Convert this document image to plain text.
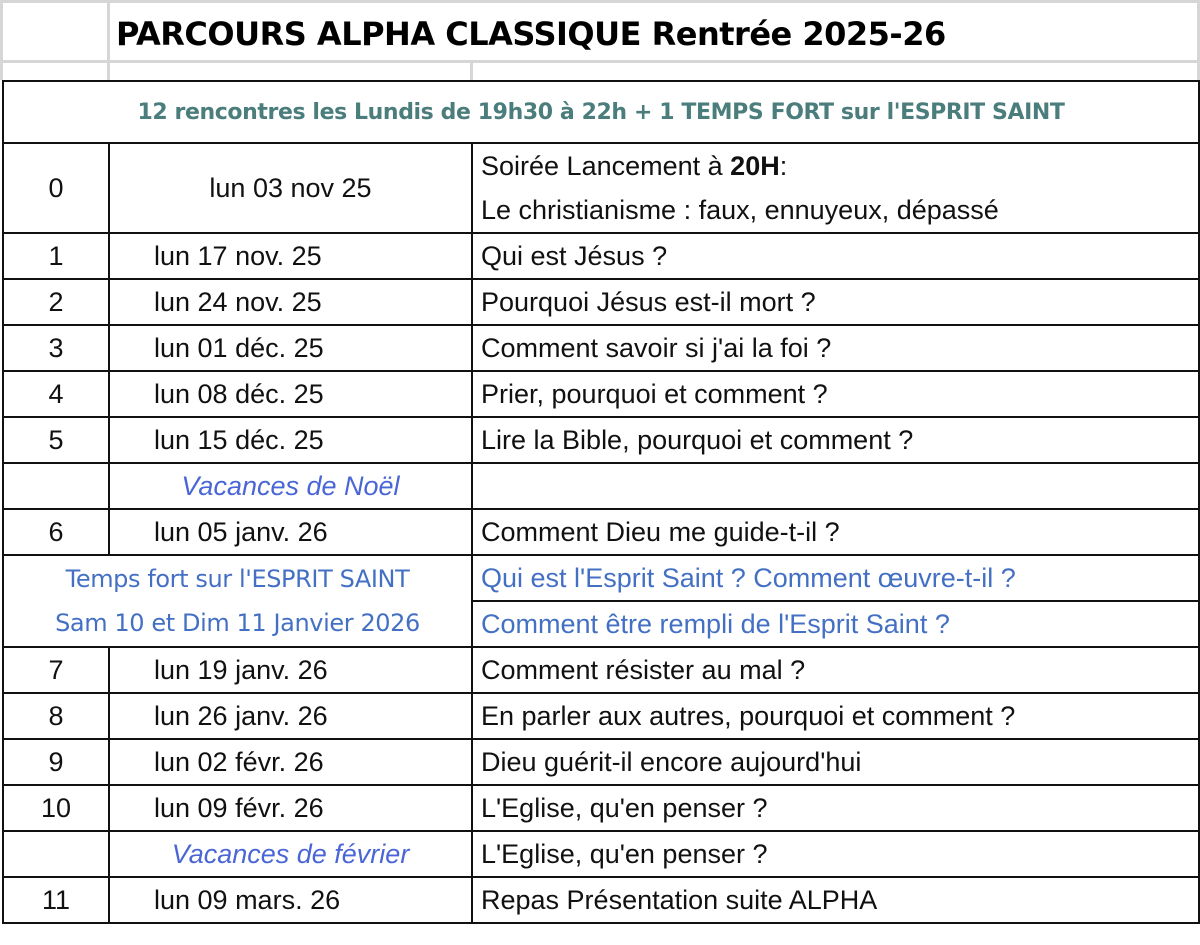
PARCOURS ALPHA CLASSIQUE Rentrée 2025-26
12 rencontres les Lundis de 19h30 à 22h + 1 TEMPS FORT sur l'ESPRIT SAINT		
0	lun 03 nov 25	Soirée Lancement à 20H:
Le christianisme : faux, ennuyeux, dépassé

1	lun 17 nov. 25	Qui est Jésus ?
2	lun 24 nov. 25	Pourquoi Jésus est-il mort ?
3	lun 01 déc. 25	Comment savoir si j'ai la foi ?
4	lun 08 déc. 25	Prier, pourquoi et comment ?
5	lun 15 déc. 25	Lire la Bible, pourquoi et comment ?
	Vacances de Noël	
6	lun 05 janv. 26	Comment Dieu me guide-t-il ?

Temps fort sur l'ESPRIT SAINT
Sam 10 et Dim 11 Janvier 2026		Qui est l'Esprit Saint ? Comment œuvre-t-il ?
		Comment être rempli de l'Esprit Saint ?
7	lun 19 janv. 26	Comment résister au mal ?
8	lun 26 janv. 26	En parler aux autres, pourquoi et comment ?
9	lun 02 févr. 26	Dieu guérit-il encore aujourd'hui
10	lun 09 févr. 26	L'Eglise, qu'en penser ?
	Vacances de février	L'Eglise, qu'en penser ?
11	lun 09 mars. 26	Repas Présentation suite ALPHA
